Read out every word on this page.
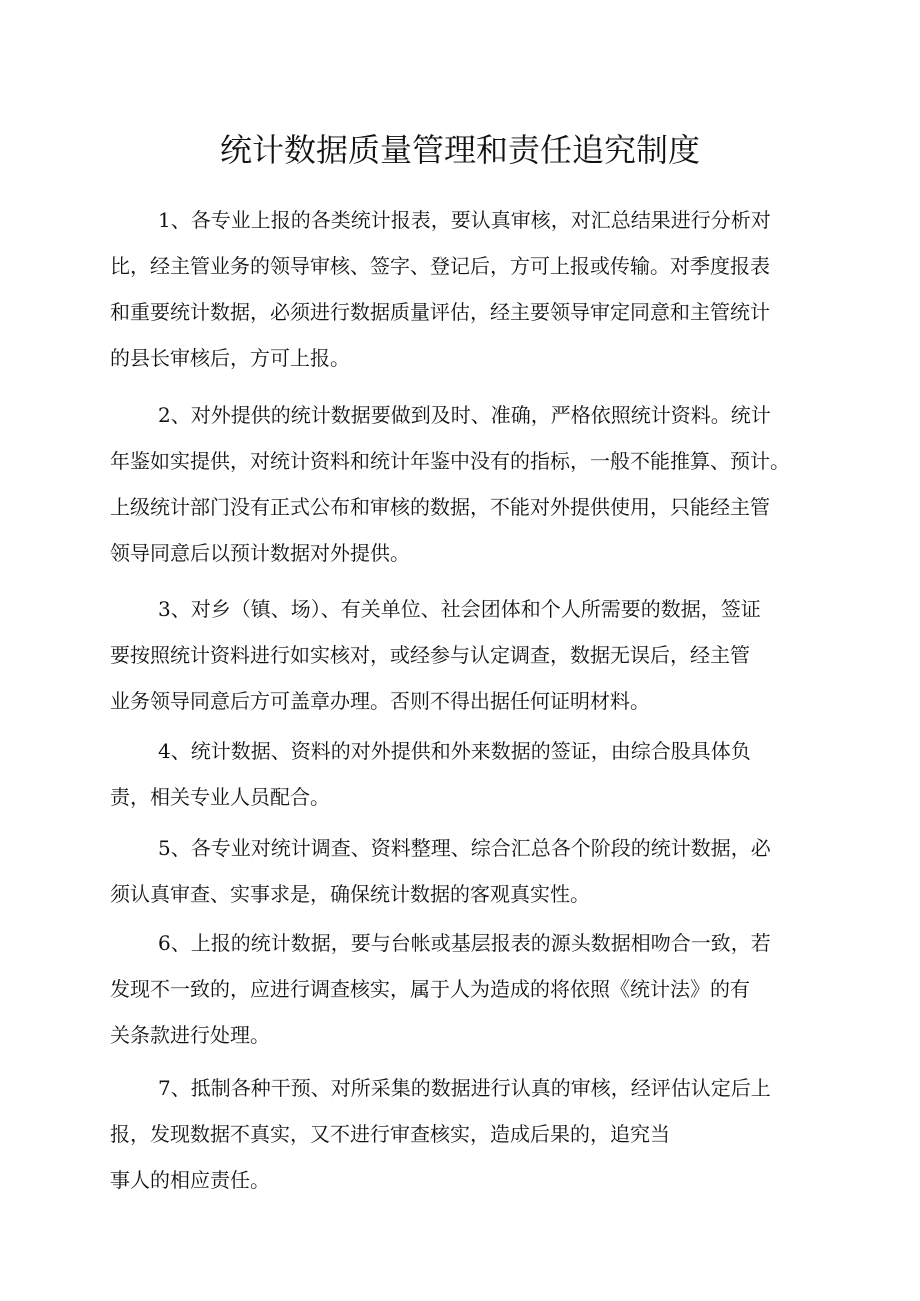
统计数据质量管理和责任追究制度
1、各专业上报的各类统计报表，要认真审核，对汇总结果进行分析对
比，经主管业务的领导审核、签字、登记后，方可上报或传输。对季度报表
和重要统计数据，必须进行数据质量评估，经主要领导审定同意和主管统计
的县长审核后，方可上报。
2、对外提供的统计数据要做到及时、准确，严格依照统计资料。统计
年鉴如实提供，对统计资料和统计年鉴中没有的指标，一般不能推算、预计。
上级统计部门没有正式公布和审核的数据，不能对外提供使用，只能经主管
领导同意后以预计数据对外提供。
3、对乡（镇、场）、有关单位、社会团体和个人所需要的数据，签证
要按照统计资料进行如实核对，或经参与认定调查，数据无误后，经主管
业务领导同意后方可盖章办理。否则不得出据任何证明材料。
4、统计数据、资料的对外提供和外来数据的签证，由综合股具体负
责，相关专业人员配合。
5、各专业对统计调查、资料整理、综合汇总各个阶段的统计数据，必
须认真审查、实事求是，确保统计数据的客观真实性。
6、上报的统计数据，要与台帐或基层报表的源头数据相吻合一致，若
发现不一致的，应进行调查核实，属于人为造成的将依照《统计法》的有
关条款进行处理。
7、抵制各种干预、对所采集的数据进行认真的审核，经评估认定后上
报，发现数据不真实，又不进行审查核实，造成后果的，追究当
事人的相应责任。
